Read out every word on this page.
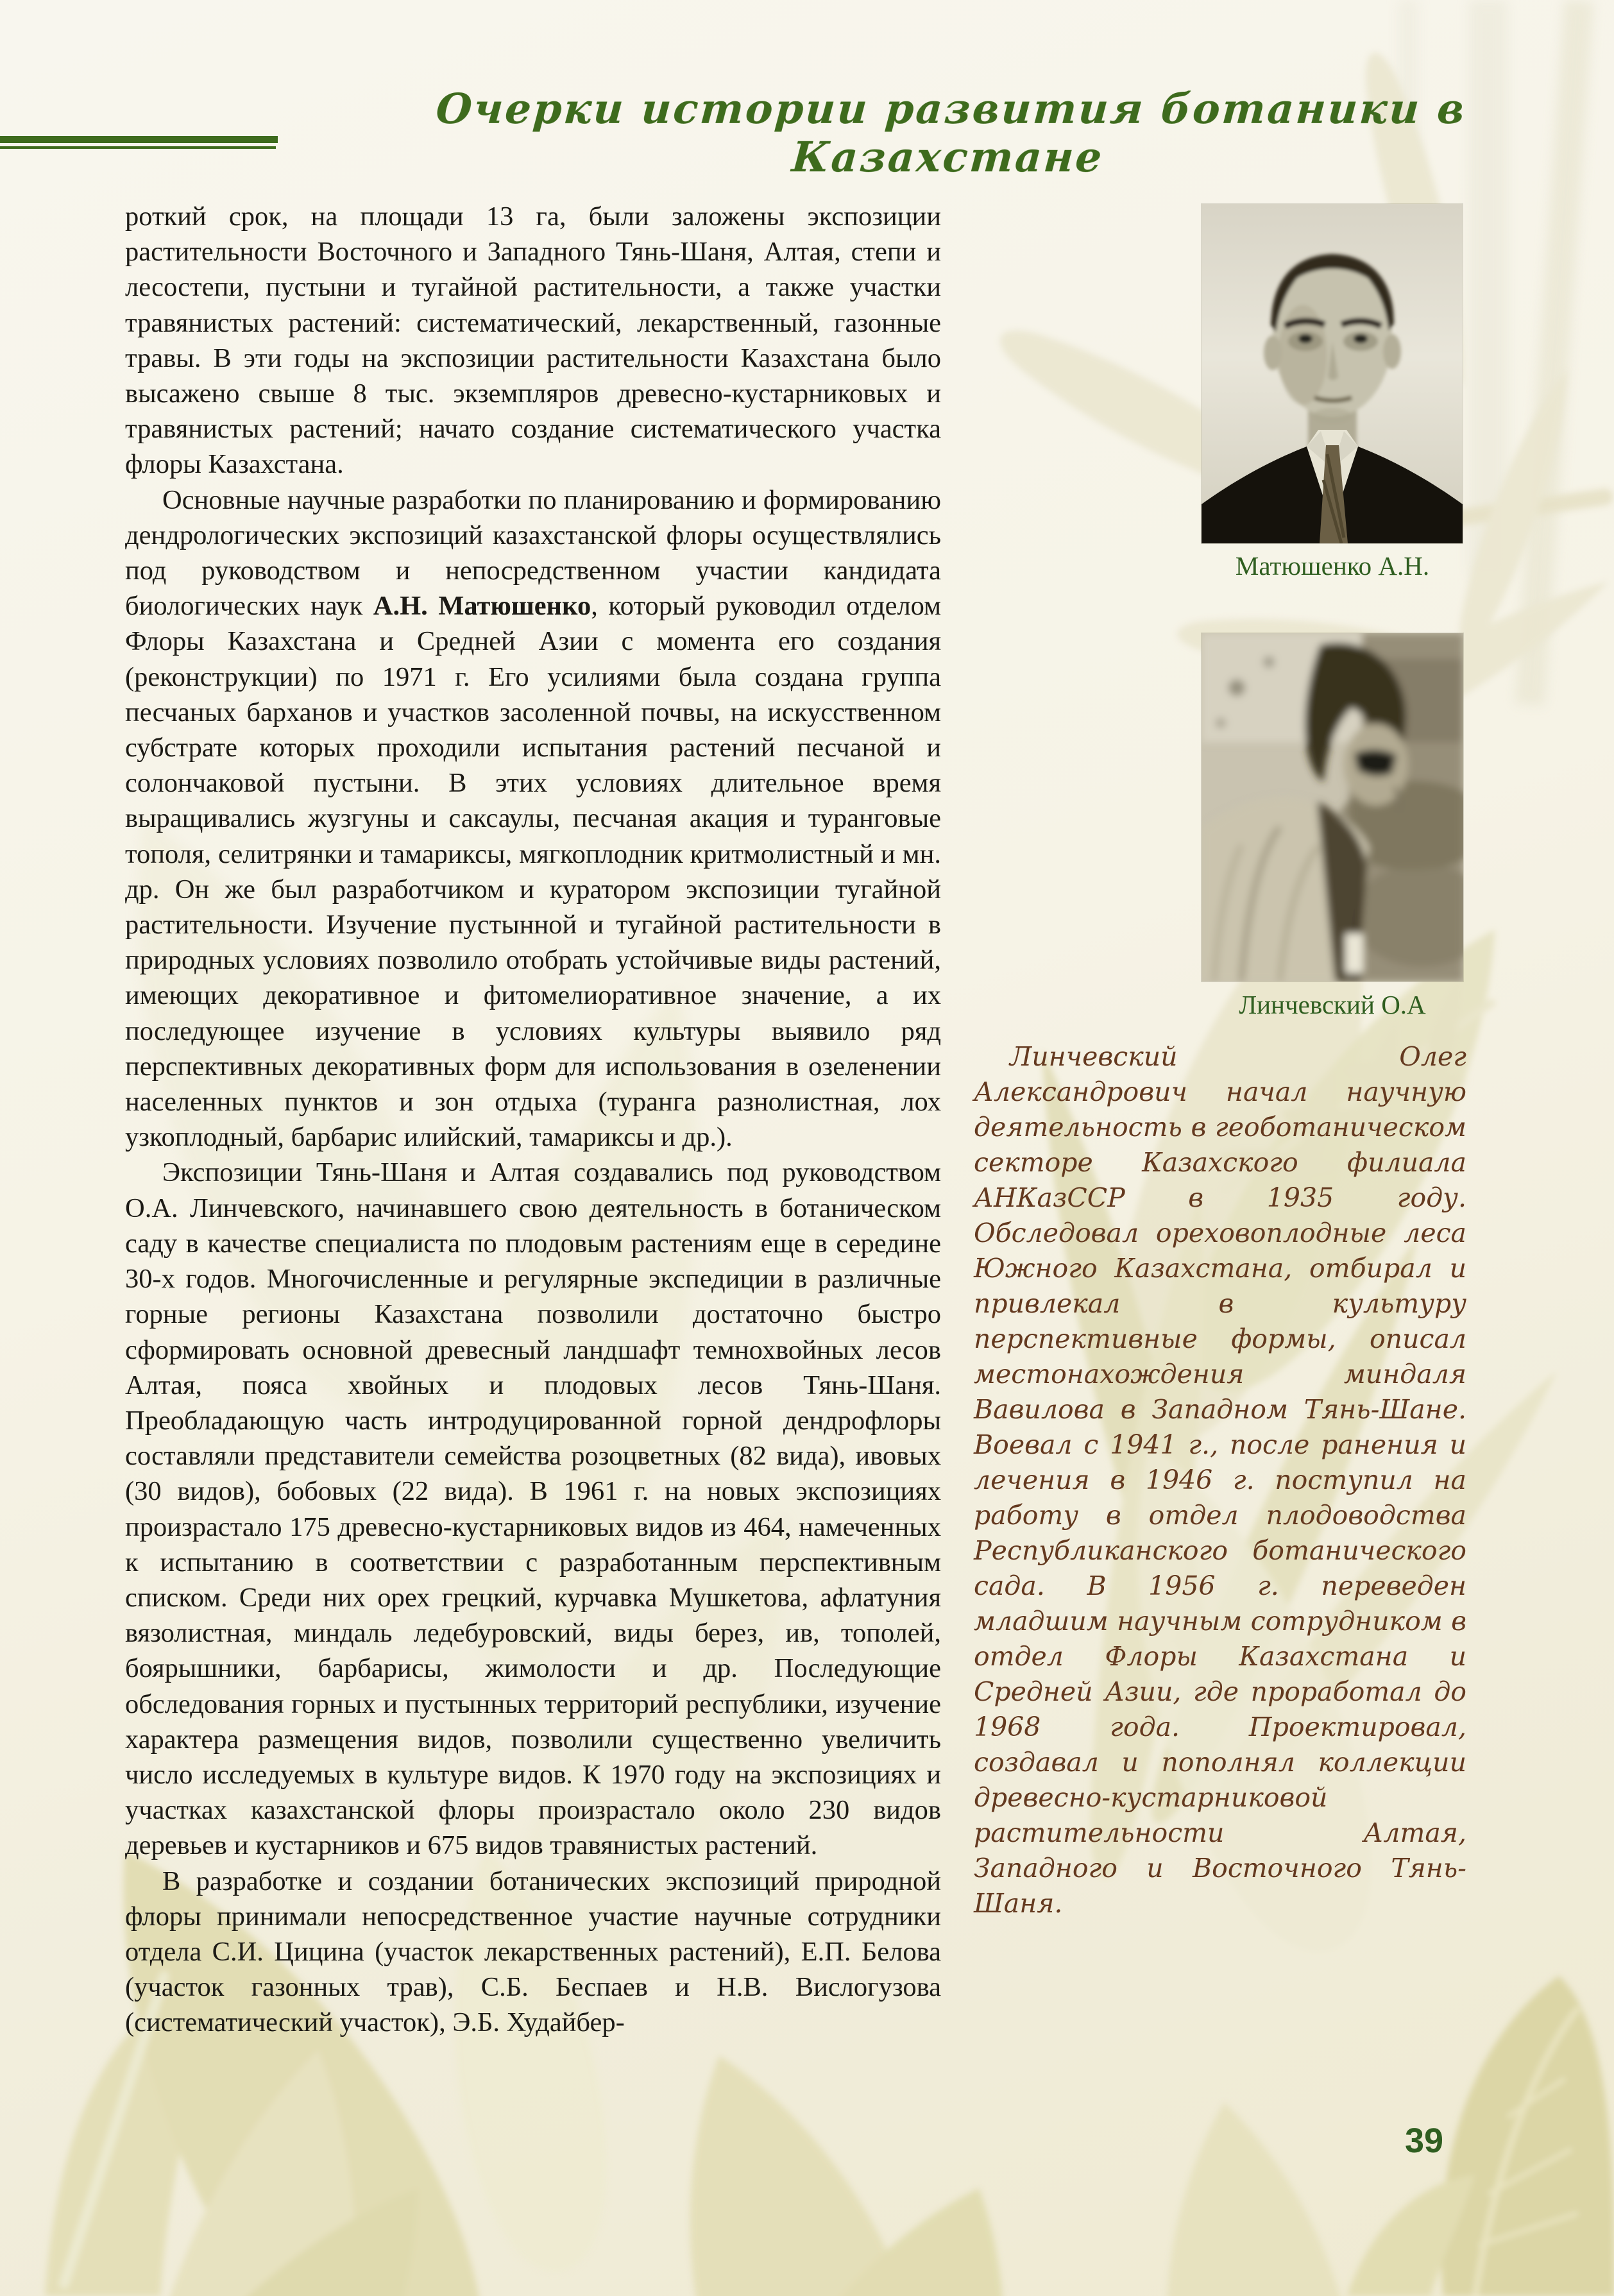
Очерки истории развития ботаники в Казахстане

роткий срок, на площади 13 га, были заложены экспозиции растительности Восточного и Западного Тянь-Шаня, Алтая, степи и лесостепи, пустыни и тугайной растительности, а также участки травянистых растений: систематический, лекарственный, газонные травы. В эти годы на экспозиции растительности Казахстана было высажено свыше 8 тыс. экземпляров древесно-кустарниковых и травянистых растений; начато создание систематического участка флоры Казахстана.

Основные научные разработки по планированию и формированию дендрологических экспозиций казахстанской флоры осуществлялись под руководством и непосредственном участии кандидата биологических наук А.Н. Матюшенко, который руководил отделом Флоры Казахстана и Средней Азии с момента его создания (реконструкции) по 1971 г. Его усилиями была создана группа песчаных барханов и участков засоленной почвы, на искусственном субстрате которых проходили испытания растений песчаной и солончаковой пустыни. В этих условиях длительное время выращивались жузгуны и саксаулы, песчаная акация и туранговые тополя, селитрянки и тамариксы, мягкоплодник критмолистный и мн. др. Он же был разработчиком и куратором экспозиции тугайной растительности. Изучение пустынной и тугайной растительности в природных условиях позволило отобрать устойчивые виды растений, имеющих декоративное и фитомелиоративное значение, а их последующее изучение в условиях культуры выявило ряд перспективных декоративных форм для использования в озеленении населенных пунктов и зон отдыха (туранга разнолистная, лох узкоплодный, барбарис илийский, тамариксы и др.).

Экспозиции Тянь-Шаня и Алтая создавались под руководством О.А. Линчевского, начинавшего свою деятельность в ботаническом саду в качестве специалиста по плодовым растениям еще в середине 30-х годов. Многочисленные и регулярные экспедиции в различные горные регионы Казахстана позволили достаточно быстро сформировать основной древесный ландшафт темнохвойных лесов Алтая, пояса хвойных и плодовых лесов Тянь-Шаня. Преобладающую часть интродуцированной горной дендрофлоры составляли представители семейства розоцветных (82 вида), ивовых (30 видов), бобовых (22 вида). В 1961 г. на новых экспозициях произрастало 175 древесно-кустарниковых видов из 464, намеченных к испытанию в соответствии с разработанным перспективным списком. Среди них орех грецкий, курчавка Мушкетова, афлатуния вязолистная, миндаль ледебуровский, виды берез, ив, тополей, боярышники, барбарисы, жимолости и др. Последующие обследования горных и пустынных территорий республики, изучение характера размещения видов, позволили существенно увеличить число исследуемых в культуре видов. К 1970 году на экспозициях и участках казахстанской флоры произрастало около 230 видов деревьев и кустарников и 675 видов травянистых растений.

В разработке и создании ботанических экспозиций природной флоры принимали непосредственное участие научные сотрудники отдела С.И. Цицина (участок лекарственных растений), Е.П. Белова (участок газонных трав), С.Б. Беспаев и Н.В. Вислогузова (систематический участок), Э.Б. Худайбер-

Матюшенко А.Н.
Линчевский О.А
Линчевский Олег Александрович начал научную деятельность в геоботаническом секторе Казахского филиала АНКазССР в 1935 году. Обследовал ореховоплодные леса Южного Казахстана, отбирал и привлекал в культуру перспективные формы, описал местонахождения миндаля Вавилова в Западном Тянь-Шане. Воевал с 1941 г., после ранения и лечения в 1946 г. поступил на работу в отдел плодоводства Республиканского ботанического сада. В 1956 г. переведен младшим научным сотрудником в отдел Флоры Казахстана и Средней Азии, где проработал до 1968 года. Проектировал, создавал и пополнял коллекции древесно-кустарниковой растительности Алтая, Западного и Восточного Тянь-Шаня.
39
